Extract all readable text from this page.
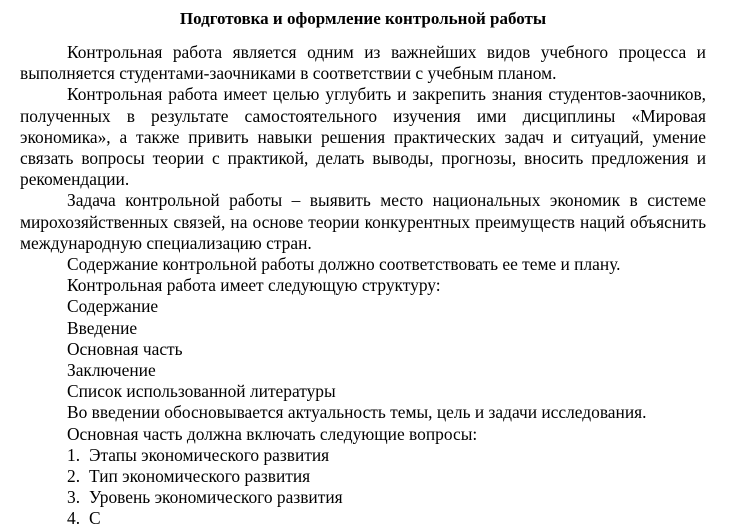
Подготовка и оформление контрольной работы

Контрольная работа является одним из важнейших видов учебного процесса и выполняется студентами-заочниками в соответствии с учебным планом.

Контрольная работа имеет целью углубить и закрепить знания студентов-заочников, полученных в результате самостоятельного изучения ими дисциплины «Мировая экономика», а также привить навыки решения практических задач и ситуаций, умение связать вопросы теории с практикой, делать выводы, прогнозы, вносить предложения и рекомендации.

Задача контрольной работы – выявить место национальных экономик в системе мирохозяйственных связей, на основе теории конкурентных преимуществ наций объяснить международную специализацию стран.

Содержание контрольной работы должно соответствовать ее теме и плану.

Контрольная работа имеет следующую структуру:

Содержание

Введение

Основная часть

Заключение

Список использованной литературы

Во введении обосновывается актуальность темы, цель и задачи исследования.

Основная часть должна включать следующие вопросы:

1. Этапы экономического развития
2. Тип экономического развития
3. Уровень экономического развития
4. С
